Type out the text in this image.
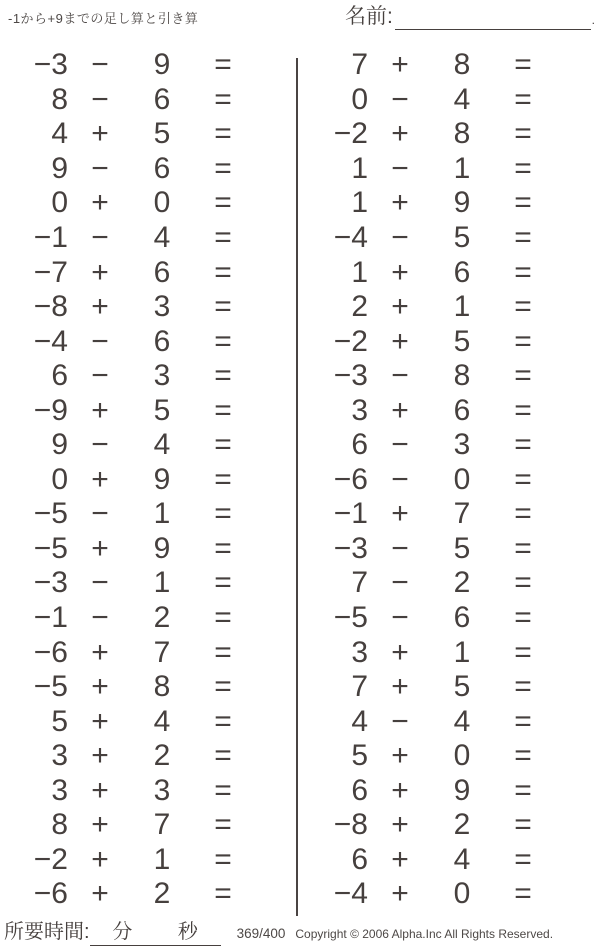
-1から+9までの足し算と引き算	名前:	.
−3 −	9	=
8 −	6	=
4 +	5	=
9 −	6	=
0 +	0	=
−1 −	4	=
−7 +	6	=
−8 +	3	=
−4 −	6	=
6 −	3	=
−9 +	5	=
9 −	4	=
0 +	9	=
−5 −	1	=
−5 +	9	=
−3 −	1	=
−1 −	2	=
−6 +	7	=
−5 +	8	=
5 +	4	=
3 +	2	=
3 +	3	=
8 +	7	=
−2 +	1	=
−6 +	2	=
7 +	8	=
0 −	4	=
−2 +	8	=
1 −	1	=
1 +	9	=
−4 −	5	=
1 +	6	=
2 +	1	=
−2 +	5	=
−3 −	8	=
3 +	6	=
6 −	3	=
−6 −	0	=
−1 +	7	=
−3 −	5	=
7 −	2	=
−5 −	6	=
3 +	1	=
7 +	5	=
4 −	4	=
5 +	0	=
6 +	9	=
−8 +	2	=
6 +	4	=
−4 +	0	=
所要時間: 分 秒	369/400 Copyright © 2006 Alpha.Inc All Rights Reserved.
